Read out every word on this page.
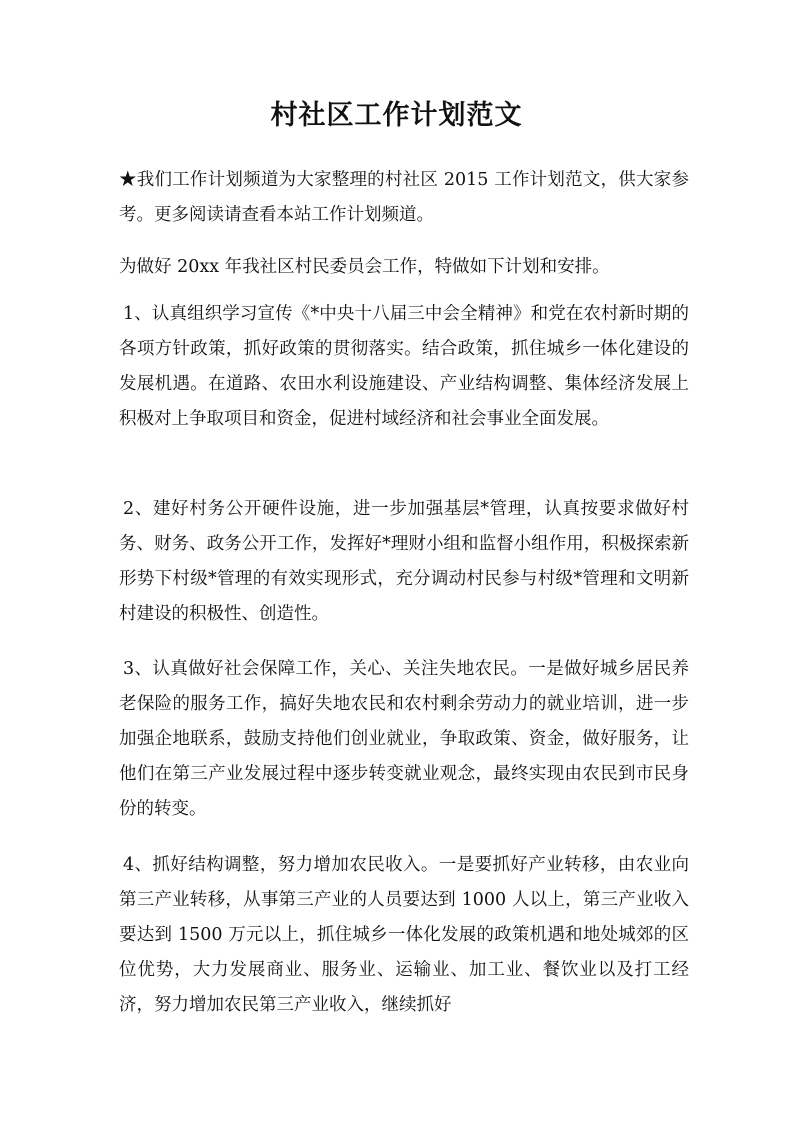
村社区工作计划范文

★我们工作计划频道为大家整理的村社区 2015 工作计划范文，供大家参考。更多阅读请查看本站工作计划频道。

为做好 20xx 年我社区村民委员会工作，特做如下计划和安排。

1、认真组织学习宣传《*中央十八届三中会全精神》和党在农村新时期的各项方针政策，抓好政策的贯彻落实。结合政策，抓住城乡一体化建设的发展机遇。在道路、农田水利设施建设、产业结构调整、集体经济发展上积极对上争取项目和资金，促进村域经济和社会事业全面发展。

2、建好村务公开硬件设施，进一步加强基层*管理，认真按要求做好村务、财务、政务公开工作，发挥好*理财小组和监督小组作用，积极探索新形势下村级*管理的有效实现形式，充分调动村民参与村级*管理和文明新村建设的积极性、创造性。

3、认真做好社会保障工作，关心、关注失地农民。一是做好城乡居民养老保险的服务工作，搞好失地农民和农村剩余劳动力的就业培训，进一步加强企地联系，鼓励支持他们创业就业，争取政策、资金，做好服务，让他们在第三产业发展过程中逐步转变就业观念，最终实现由农民到市民身份的转变。

4、抓好结构调整，努力增加农民收入。一是要抓好产业转移，由农业向第三产业转移，从事第三产业的人员要达到 1000 人以上，第三产业收入要达到 1500 万元以上，抓住城乡一体化发展的政策机遇和地处城郊的区位优势，大力发展商业、服务业、运输业、加工业、餐饮业以及打工经济，努力增加农民第三产业收入，继续抓好
